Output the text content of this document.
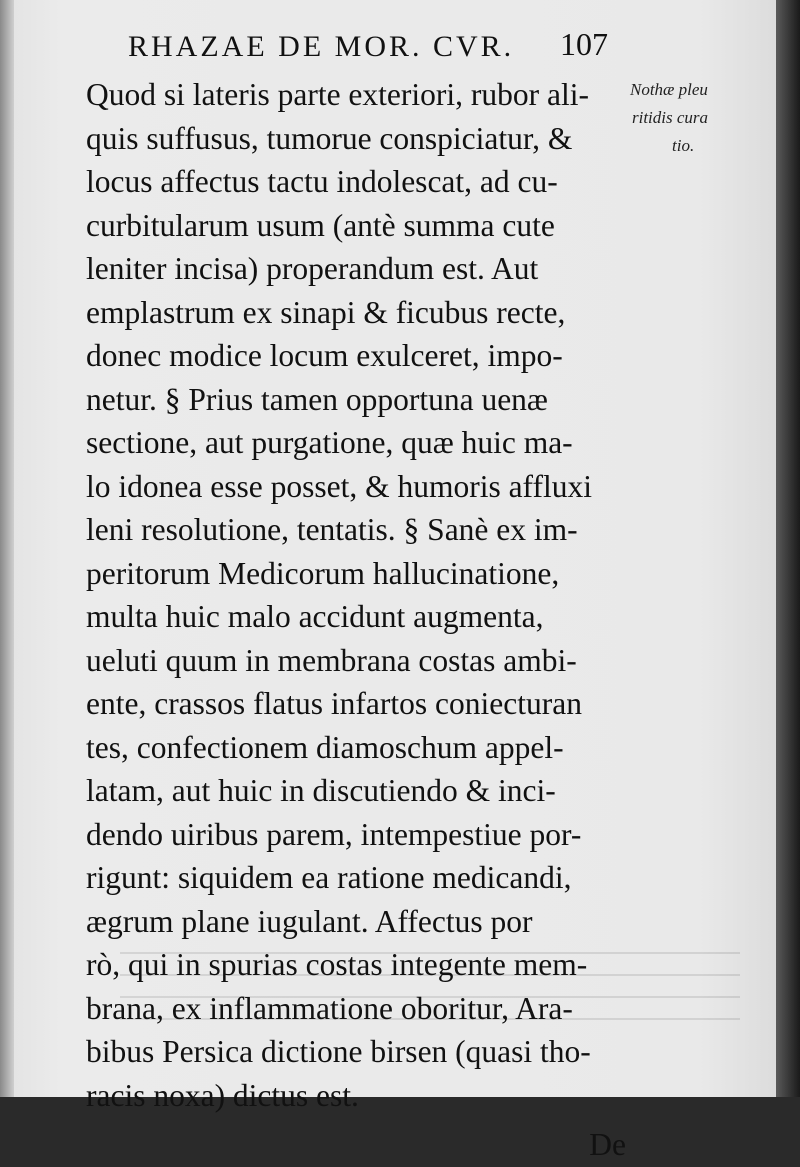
RHAZAE DE MOR. CVR. 107
Nothæ pleu
ritidis cura
tio.
Quod si lateris parte exteriori, rubor ali-
quis suffusus, tumorue conspiciatur, &
locus affectus tactu indolescat, ad cu-
curbitularum usum (antè summa cute
leniter incisa) properandum est. Aut
emplastrum ex sinapi & ficubus recte,
donec modice locum exulceret, impo-
netur. § Prius tamen opportuna uenæ
sectione, aut purgatione, quæ huic ma-
lo idonea esse posset, & humoris affluxi
leni resolutione, tentatis. § Sanè ex im-
peritorum Medicorum hallucinatione,
multa huic malo accidunt augmenta,
ueluti quum in membrana costas ambi-
ente, crassos flatus infartos coniecturan
tes, confectionem diamoschum appel-
latam, aut huic in discutiendo & inci-
dendo uiribus parem, intempestiue por-
rigunt: siquidem ea ratione medicandi,
ægrum plane iugulant. Affectus por
rò, qui in spurias costas integente mem-
brana, ex inflammatione oboritur, Ara-
bibus Persica dictione birsen (quasi tho-
racis noxa) dictus est.
De
